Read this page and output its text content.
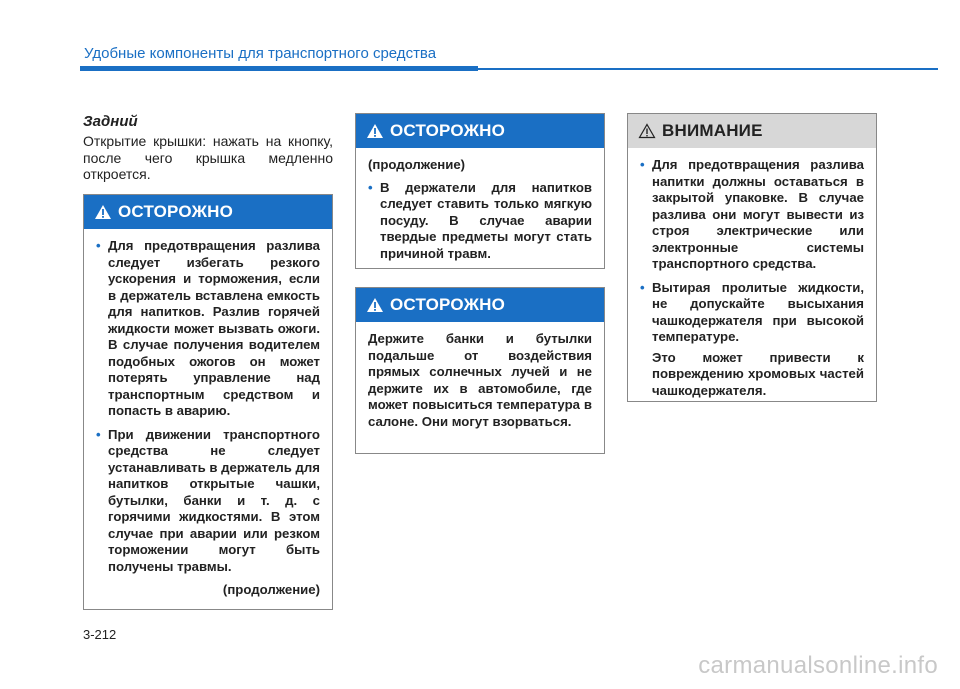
Удобные компоненты для транспортного средства
Задний
Открытие крышки: нажать на кнопку, после чего крышка медленно откроется.
ОСТОРОЖНО
• Для предотвращения разлива следует избегать резкого ускорения и торможения, если в держатель вставлена емкость для напитков. Разлив горячей жидкости может вызвать ожоги. В случае получения водителем подобных ожогов он может потерять управление над транспортным средством и попасть в аварию.
• При движении транспортного средства не следует устанавливать в держатель для напитков открытые чашки, бутылки, банки и т. д. с горячими жидкостями. В этом случае при аварии или резком торможении могут быть получены травмы.

(продолжение)

ОСТОРОЖНО

(продолжение)

• В держатели для напитков следует ставить только мягкую посуду. В случае аварии твердые предметы могут стать причиной травм.
ОСТОРОЖНО

Держите банки и бутылки подальше от воздействия прямых солнечных лучей и не держите их в автомобиле, где может повыситься температура в салоне. Они могут взорваться.

ВНИМАНИЕ
• Для предотвращения разлива напитки должны оставаться в закрытой упаковке. В случае разлива они могут вывести из строя электрические или электронные системы транспортного средства.
• Вытирая пролитые жидкости, не допускайте высыхания чашкодержателя при высокой температуре.

Это может привести к повреждению хромовых частей чашкодержателя.

3-212
carmanualsonline.info
